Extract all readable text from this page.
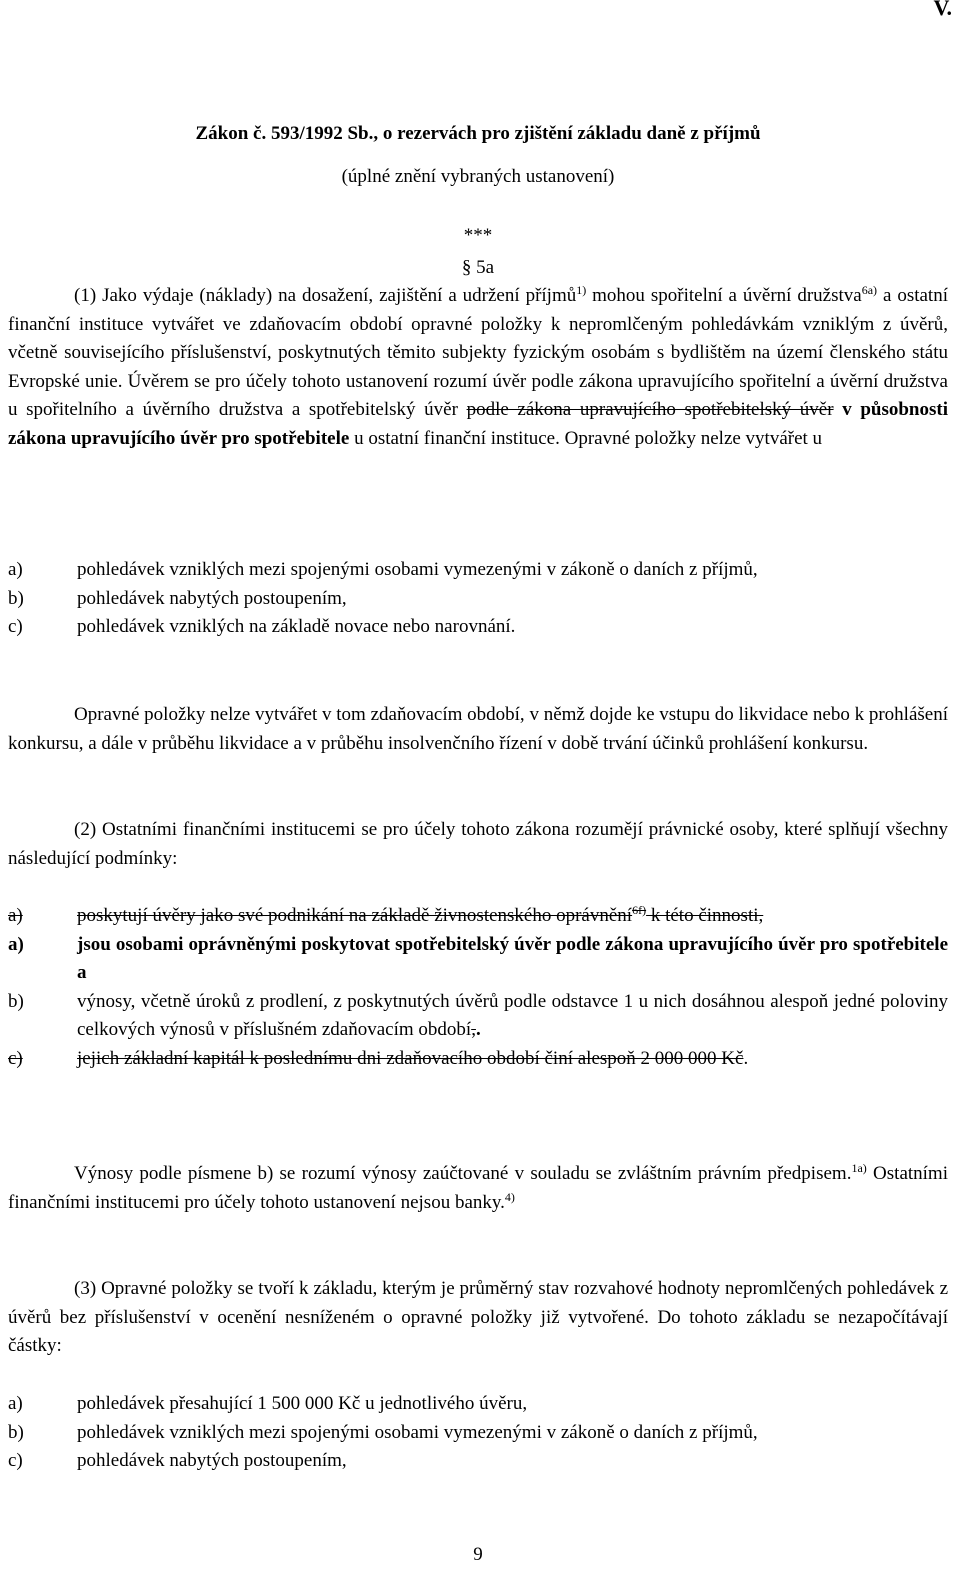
V.
Zákon č. 593/1992 Sb., o rezervách pro zjištění základu daně z příjmů
(úplné znění vybraných ustanovení)
***
§ 5a
(1) Jako výdaje (náklady) na dosažení, zajištění a udržení příjmů$^{1)}$ mohou spořitelní a úvěrní družstva$^{6a)}$ a ostatní finanční instituce vytvářet ve zdaňovacím období opravné položky k nepromlčeným pohledávkám vzniklým z úvěrů, včetně souvisejícího příslušenství, poskytnutých těmito subjekty fyzickým osobám s bydlištěm na území členského státu Evropské unie. Úvěrem se pro účely tohoto ustanovení rozumí úvěr podle zákona upravujícího spořitelní a úvěrní družstva u spořitelního a úvěrního družstva a spotřebitelský úvěr podle zákona upravujícího spotřebitelský úvěr v působnosti zákona upravujícího úvěr pro spotřebitele u ostatní finanční instituce. Opravné položky nelze vytvářet u
a)	pohledávek vzniklých mezi spojenými osobami vymezenými v zákoně o daních z příjmů,
b)	pohledávek nabytých postoupením,
c)	pohledávek vzniklých na základě novace nebo narovnání.
Opravné položky nelze vytvářet v tom zdaňovacím období, v němž dojde ke vstupu do likvidace nebo k prohlášení konkursu, a dále v průběhu likvidace a v průběhu insolvenčního řízení v době trvání účinků prohlášení konkursu.
(2) Ostatními finančními institucemi se pro účely tohoto zákona rozumějí právnické osoby, které splňují všechny následující podmínky:
a)	poskytují úvěry jako své podnikání na základě živnostenského oprávnění$^{6f)}$ k této činnosti,
a)	jsou osobami oprávněnými poskytovat spotřebitelský úvěr podle zákona upravujícího úvěr pro spotřebitele a
b)	výnosy, včetně úroků z prodlení, z poskytnutých úvěrů podle odstavce 1 u nich dosáhnou alespoň jedné poloviny celkových výnosů v příslušném zdaňovacím období,.
c)	jejich základní kapitál k poslednímu dni zdaňovacího období činí alespoň 2 000 000 Kč.
Výnosy podle písmene b) se rozumí výnosy zaúčtované v souladu se zvláštním právním předpisem.$^{1a)}$ Ostatními finančními institucemi pro účely tohoto ustanovení nejsou banky.$^{4)}$
(3) Opravné položky se tvoří k základu, kterým je průměrný stav rozvahové hodnoty nepromlčených pohledávek z úvěrů bez příslušenství v ocenění nesníženém o opravné položky již vytvořené. Do tohoto základu se nezapočítávají částky:
a)	pohledávek přesahující 1 500 000 Kč u jednotlivého úvěru,
b)	pohledávek vzniklých mezi spojenými osobami vymezenými v zákoně o daních z příjmů,
c)	pohledávek nabytých postoupením,
9
